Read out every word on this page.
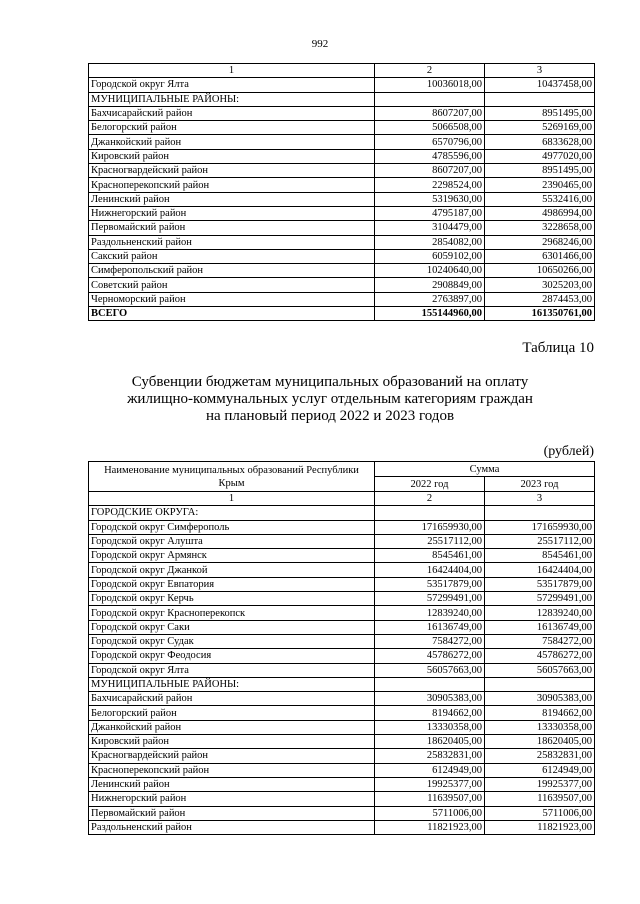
992
1	2	3
Городской округ Ялта	10036018,00	10437458,00
МУНИЦИПАЛЬНЫЕ РАЙОНЫ:		
Бахчисарайский район	8607207,00	8951495,00
Белогорский район	5066508,00	5269169,00
Джанкойский район	6570796,00	6833628,00
Кировский район	4785596,00	4977020,00
Красногвардейский район	8607207,00	8951495,00
Красноперекопский район	2298524,00	2390465,00
Ленинский район	5319630,00	5532416,00
Нижнегорский район	4795187,00	4986994,00
Первомайский район	3104479,00	3228658,00
Раздольненский район	2854082,00	2968246,00
Сакский район	6059102,00	6301466,00
Симферопольский район	10240640,00	10650266,00
Советский район	2908849,00	3025203,00
Черноморский район	2763897,00	2874453,00
ВСЕГО	155144960,00	161350761,00
Таблица 10
Субвенции бюджетам муниципальных образований на оплату
жилищно-коммунальных услуг отдельным категориям граждан
на плановый период 2022 и 2023 годов
(рублей)
Наименование муниципальных образований Республики Крым	Сумма	
	2022 год	2023 год
1	2	3
ГОРОДСКИЕ ОКРУГА:		
Городской округ Симферополь	171659930,00	171659930,00
Городской округ Алушта	25517112,00	25517112,00
Городской округ Армянск	8545461,00	8545461,00
Городской округ Джанкой	16424404,00	16424404,00
Городской округ Евпатория	53517879,00	53517879,00
Городской округ Керчь	57299491,00	57299491,00
Городской округ Красноперекопск	12839240,00	12839240,00
Городской округ Саки	16136749,00	16136749,00
Городской округ Судак	7584272,00	7584272,00
Городской округ Феодосия	45786272,00	45786272,00
Городской округ Ялта	56057663,00	56057663,00
МУНИЦИПАЛЬНЫЕ РАЙОНЫ:		
Бахчисарайский район	30905383,00	30905383,00
Белогорский район	8194662,00	8194662,00
Джанкойский район	13330358,00	13330358,00
Кировский район	18620405,00	18620405,00
Красногвардейский район	25832831,00	25832831,00
Красноперекопский район	6124949,00	6124949,00
Ленинский район	19925377,00	19925377,00
Нижнегорский район	11639507,00	11639507,00
Первомайский район	5711006,00	5711006,00
Раздольненский район	11821923,00	11821923,00
